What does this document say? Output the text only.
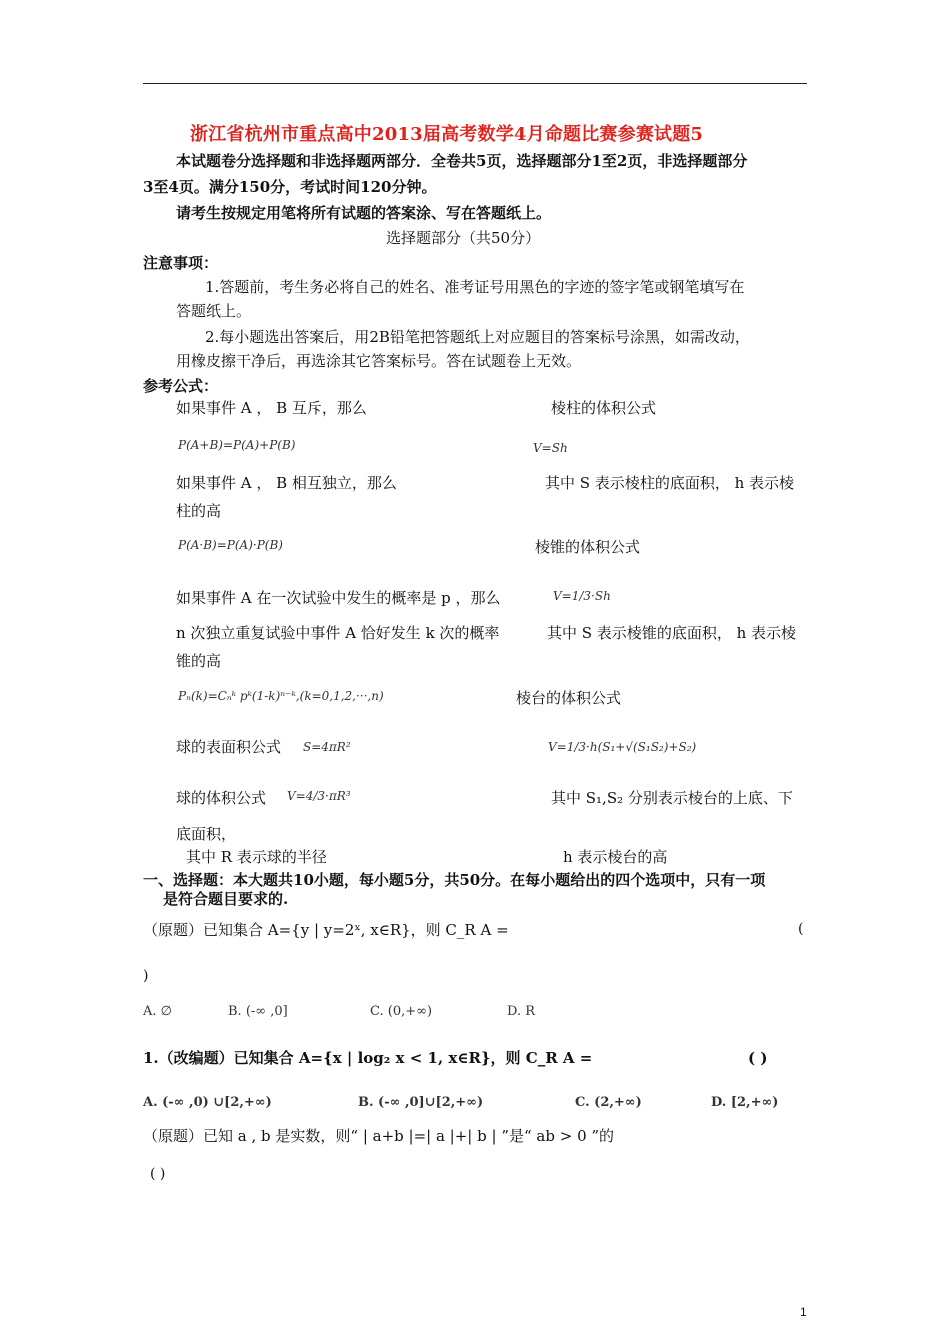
浙江省杭州市重点高中2013届高考数学4月命题比赛参赛试题5
本试题卷分选择题和非选择题两部分．全卷共5页，选择题部分1至2页，非选择题部分
3至4页。满分150分，考试时间120分钟。
请考生按规定用笔将所有试题的答案涂、写在答题纸上。
选择题部分（共50分）
注意事项：
1.答题前，考生务必将自己的姓名、准考证号用黑色的字迹的签字笔或钢笔填写在
答题纸上。
2.每小题选出答案后，用2B铅笔把答题纸上对应题目的答案标号涂黑，如需改动，
用橡皮擦干净后，再选涂其它答案标号。答在试题卷上无效。
参考公式：
如果事件 A ， B 互斥，那么
P(A+B)=P(A)+P(B)
如果事件 A ， B 相互独立，那么
P(A·B)=P(A)·P(B)
如果事件 A 在一次试验中发生的概率是 p ，那么
n 次独立重复试验中事件 A 恰好发生 k 次的概率
Pₙ(k)=Cₙᵏ pᵏ(1-k)ⁿ⁻ᵏ,(k=0,1,2,···,n)
球的表面积公式 S=4πR²
球的体积公式 V=4/3·πR³
其中 R 表示球的半径
棱柱的体积公式
V=Sh
其中 S 表示棱柱的底面积， h 表示棱
柱的高
棱锥的体积公式
V=1/3·Sh
其中 S 表示棱锥的底面积， h 表示棱
锥的高
棱台的体积公式
V=1/3·h(S₁+√(S₁S₂)+S₂)
其中 S₁,S₂ 分别表示棱台的上底、下
底面积，
h 表示棱台的高
一、选择题：本大题共10小题，每小题5分，共50分。在每小题给出的四个选项中，只有一项
是符合题目要求的.
（原题）已知集合 A={y | y=2ˣ, x∈R}，则 C_R A =	(
)
A. ∅	B. (-∞ ,0]	C. (0,+∞)	D. R
1.（改编题）已知集合 A={x | log₂ x < 1, x∈R}，则 C_R A =	( )
A. (-∞ ,0) ∪[2,+∞)	B. (-∞ ,0]∪[2,+∞)	C. (2,+∞)	D. [2,+∞)
（原题）已知 a , b 是实数，则“ | a+b |=| a |+| b | ”是“ ab > 0 ”的
( )
1
